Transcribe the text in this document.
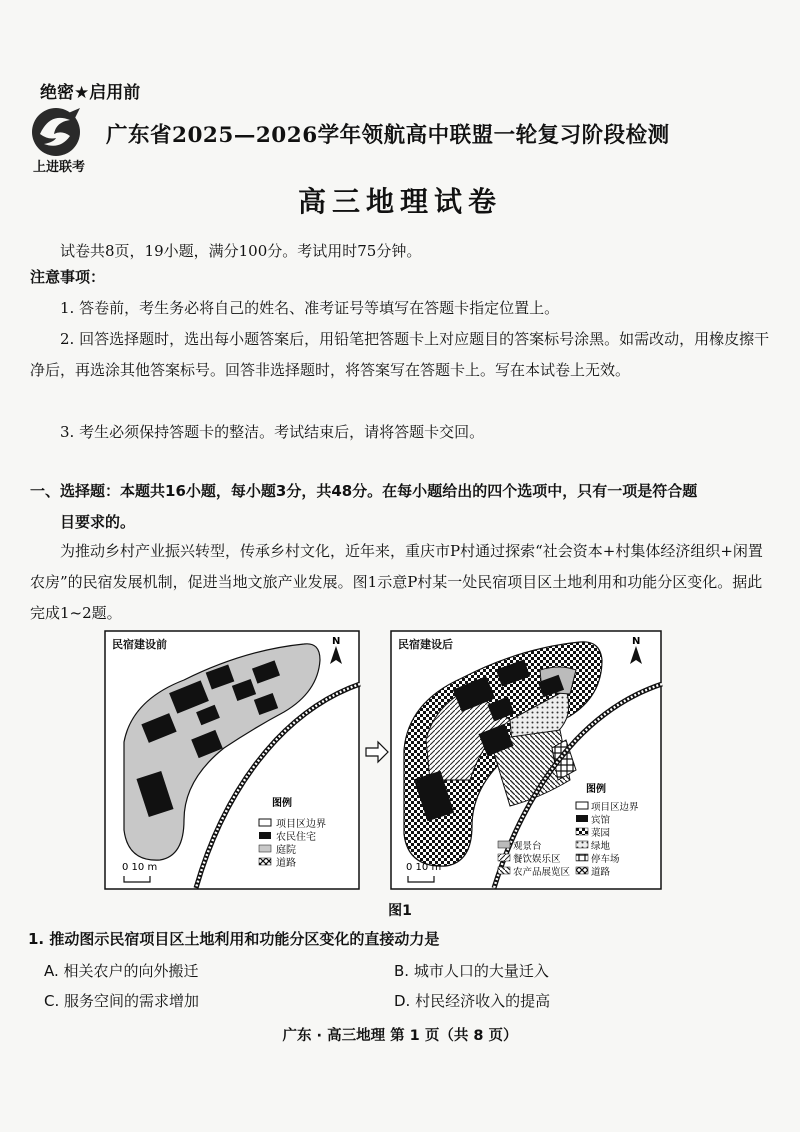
绝密★启用前
上进联考
广东省2025—2026学年领航高中联盟一轮复习阶段检测
高三地理试卷
试卷共8页，19小题，满分100分。考试用时75分钟。
注意事项：
1. 答卷前，考生务必将自己的姓名、准考证号等填写在答题卡指定位置上。
2. 回答选择题时，选出每小题答案后，用铅笔把答题卡上对应题目的答案标号涂黑。如需改动，用橡皮擦干净后，再选涂其他答案标号。回答非选择题时，将答案写在答题卡上。写在本试卷上无效。
3. 考生必须保持答题卡的整洁。考试结束后，请将答题卡交回。
一、选择题：本题共16小题，每小题3分，共48分。在每小题给出的四个选项中，只有一项是符合题
目要求的。
为推动乡村产业振兴转型，传承乡村文化，近年来，重庆市P村通过探索“社会资本+村集体经济组织+闲置农房”的民宿发展机制，促进当地文旅产业发展。图1示意P村某一处民宿项目区土地利用和功能分区变化。据此完成1~2题。
民宿建设前	N
0 10 m
图例
项目区边界
农民住宅
庭院
道路
民宿建设后	N
0 10 m
图例
项目区边界
宾馆
菜园
绿地
停车场
道路
观景台
餐饮娱乐区
农产品展览区
图1
1. 推动图示民宿项目区土地利用和功能分区变化的直接动力是
A. 相关农户的向外搬迁	B. 城市人口的大量迁入
C. 服务空间的需求增加	D. 村民经济收入的提高
广东 · 高三地理 第 1 页（共 8 页）
